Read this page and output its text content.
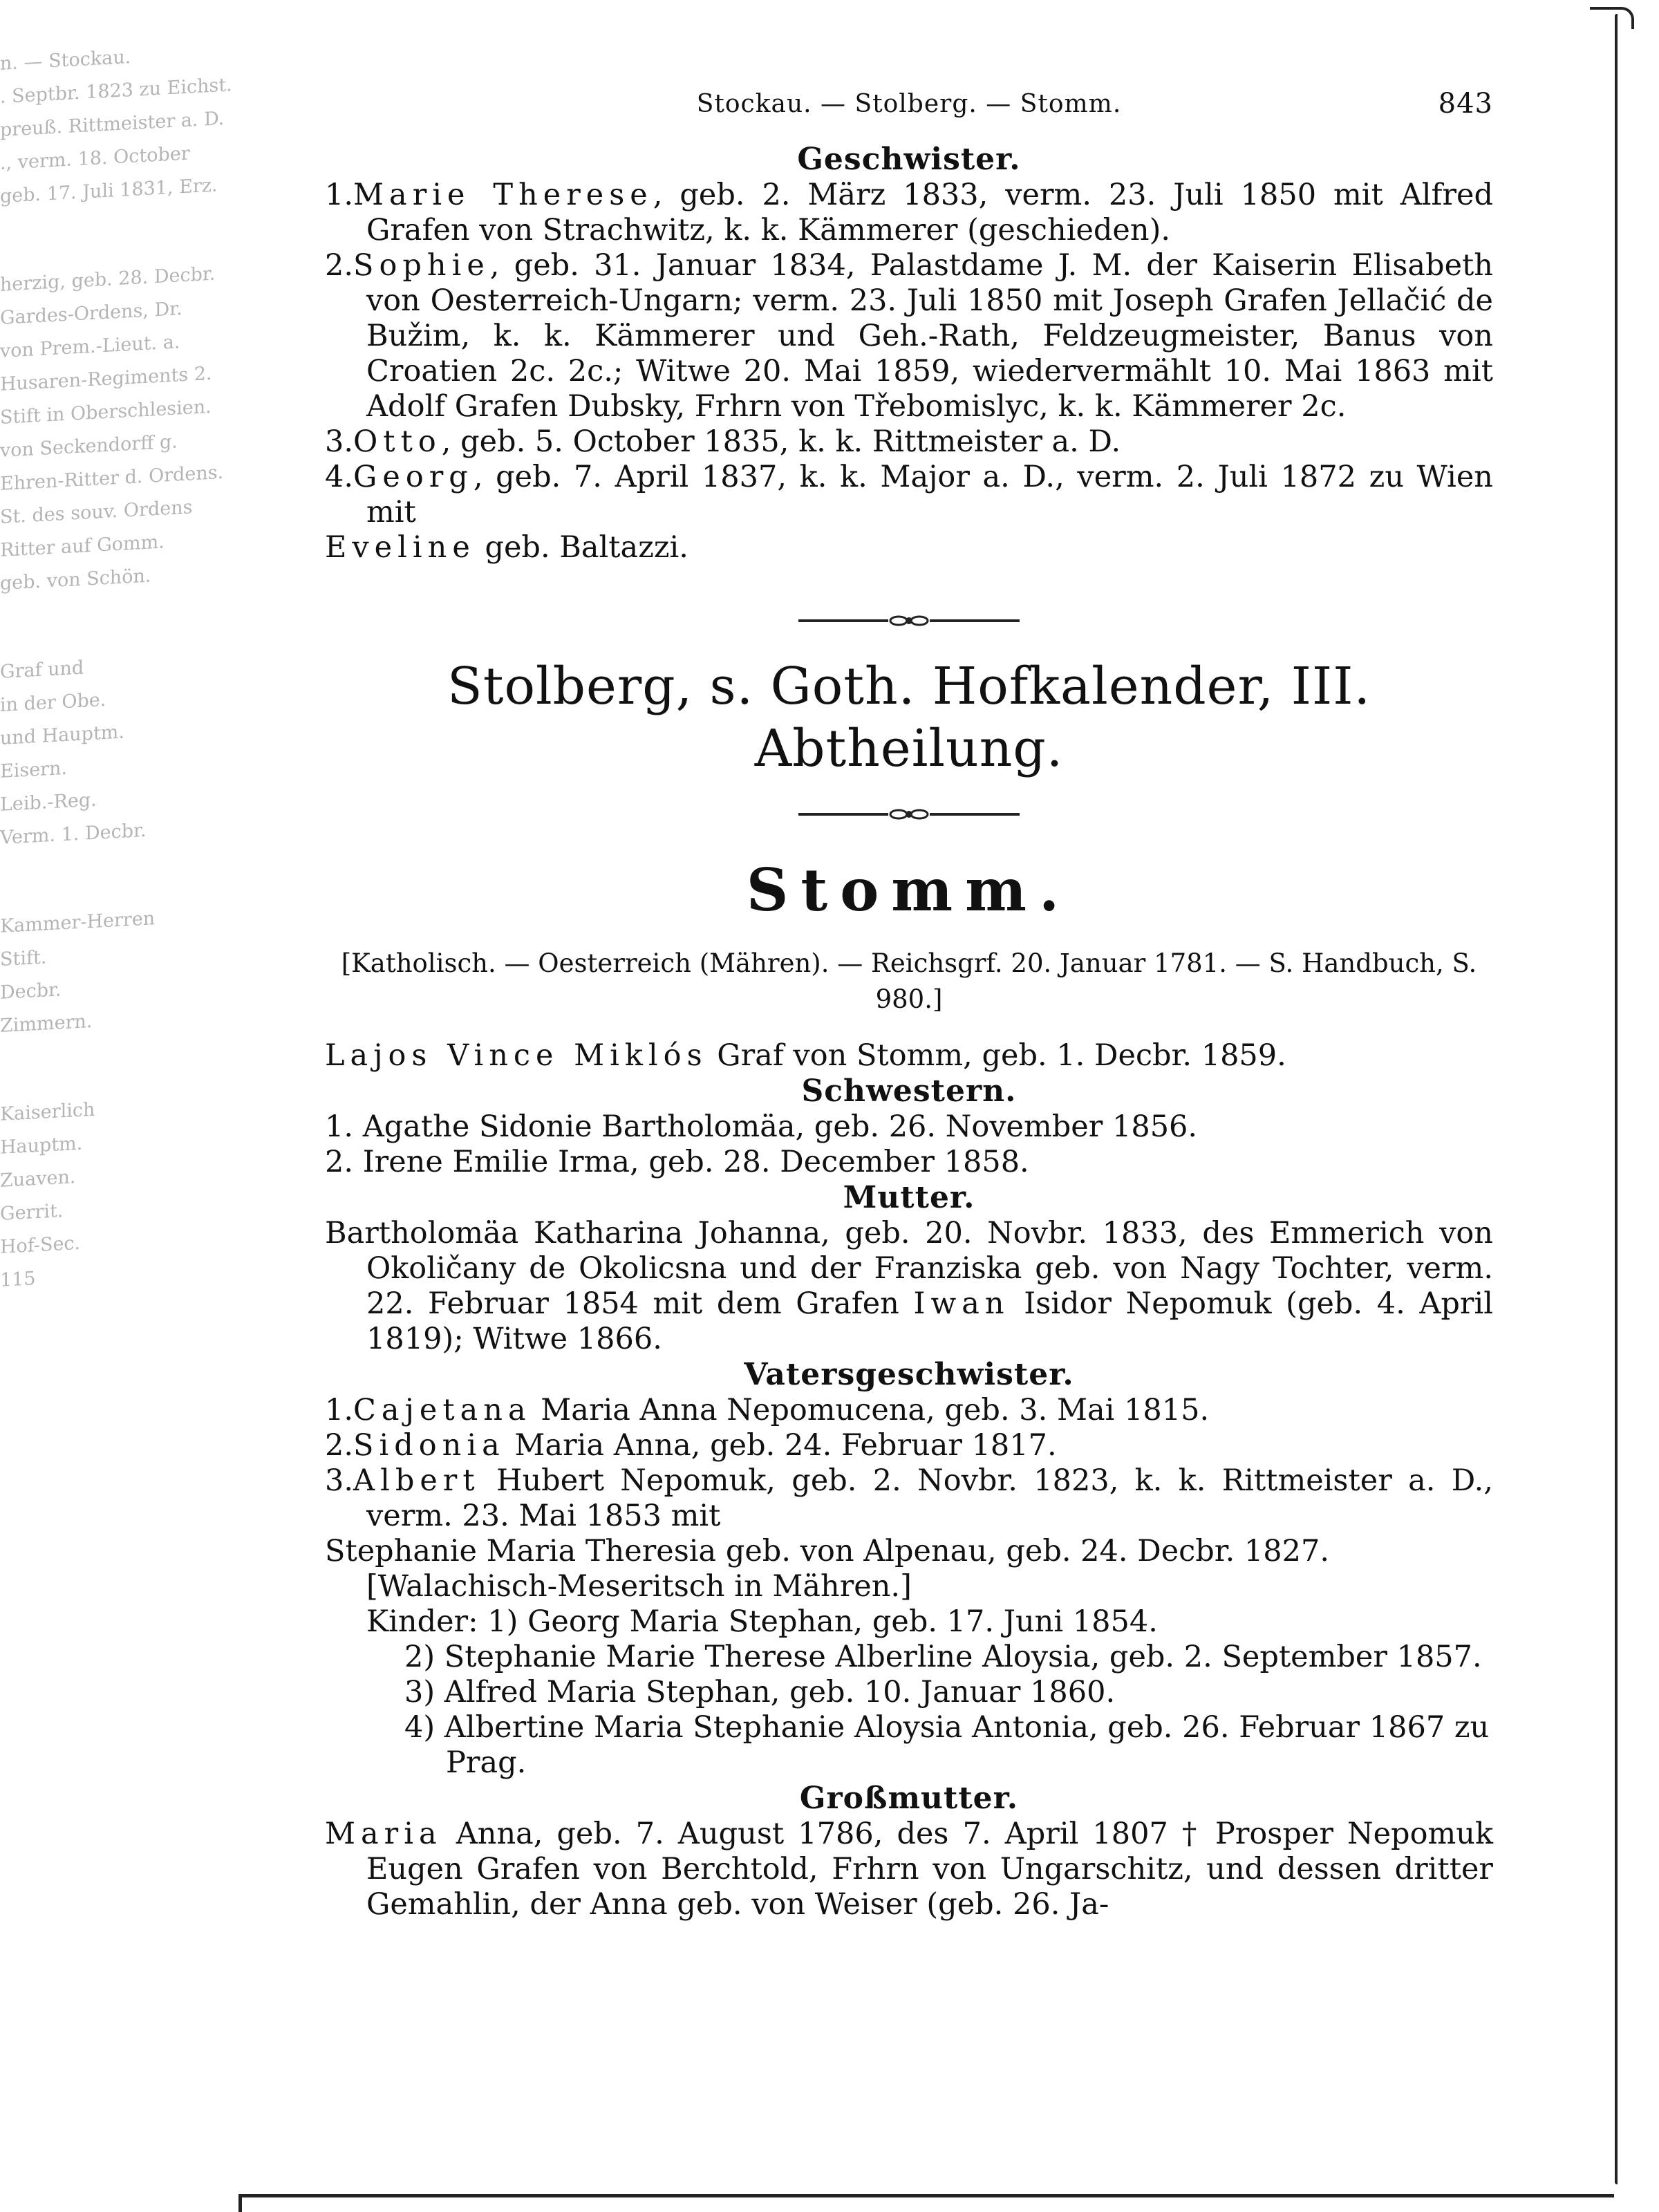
n. — Stockau.
. Septbr. 1823 zu Eichst.
preuß. Rittmeister a. D.
., verm. 18. October
geb. 17. Juli 1831, Erz.
herzig, geb. 28. Decbr.
Gardes-Ordens, Dr.
von Prem.-Lieut. a.
Husaren-Regiments 2.
Stift in Oberschlesien.
von Seckendorff g.
Ehren-Ritter d. Ordens.
St. des souv. Ordens
Ritter auf Gomm.
geb. von Schön.
Graf und
in der Obe.
und Hauptm.
Eisern.
Leib.-Reg.
Verm. 1. Decbr.
Kammer-Herren
Stift.
Decbr.
Zimmern.
Kaiserlich
Hauptm.
Zuaven.
Gerrit.
Hof-Sec.
115
Stockau. — Stolberg. — Stomm.	843
Geschwister.
1.Marie Therese, geb. 2. März 1833, verm. 23. Juli 1850 mit Alfred Grafen von Strachwitz, k. k. Kämmerer (geschieden).
2.Sophie, geb. 31. Januar 1834, Palastdame J. M. der Kaiserin Elisabeth von Oesterreich-Ungarn; verm. 23. Juli 1850 mit Joseph Grafen Jellačić de Bužim, k. k. Kämmerer und Geh.-Rath, Feldzeugmeister, Banus von Croatien 2c. 2c.; Witwe 20. Mai 1859, wiedervermählt 10. Mai 1863 mit Adolf Grafen Dubsky, Frhrn von Třebomislyc, k. k. Kämmerer 2c.
3.Otto, geb. 5. October 1835, k. k. Rittmeister a. D.
4.Georg, geb. 7. April 1837, k. k. Major a. D., verm. 2. Juli 1872 zu Wien mit
Eveline geb. Baltazzi.
Stolberg, s. Goth. Hofkalender, III. Abtheilung.
Stomm.
[Katholisch. — Oesterreich (Mähren). — Reichsgrf. 20. Januar 1781. — S. Handbuch, S. 980.]
Lajos Vince Miklós Graf von Stomm, geb. 1. Decbr. 1859.
Schwestern.
1. Agathe Sidonie Bartholomäa, geb. 26. November 1856.
2. Irene Emilie Irma, geb. 28. December 1858.
Mutter.
Bartholomäa Katharina Johanna, geb. 20. Novbr. 1833, des Emmerich von Okoličany de Okolicsna und der Franziska geb. von Nagy Tochter, verm. 22. Februar 1854 mit dem Grafen Iwan Isidor Nepomuk (geb. 4. April 1819); Witwe 1866.
Vatersgeschwister.
1.Cajetana Maria Anna Nepomucena, geb. 3. Mai 1815.
2.Sidonia Maria Anna, geb. 24. Februar 1817.
3.Albert Hubert Nepomuk, geb. 2. Novbr. 1823, k. k. Rittmeister a. D., verm. 23. Mai 1853 mit
Stephanie Maria Theresia geb. von Alpenau, geb. 24. Decbr. 1827.
[Walachisch-Meseritsch in Mähren.]
Kinder: 1) Georg Maria Stephan, geb. 17. Juni 1854.
2) Stephanie Marie Therese Alberline Aloysia, geb. 2. September 1857.
3) Alfred Maria Stephan, geb. 10. Januar 1860.
4) Albertine Maria Stephanie Aloysia Antonia, geb. 26. Februar 1867 zu Prag.
Großmutter.
Maria Anna, geb. 7. August 1786, des 7. April 1807 † Prosper Nepomuk Eugen Grafen von Berchtold, Frhrn von Ungarschitz, und dessen dritter Gemahlin, der Anna geb. von Weiser (geb. 26. Ja-
